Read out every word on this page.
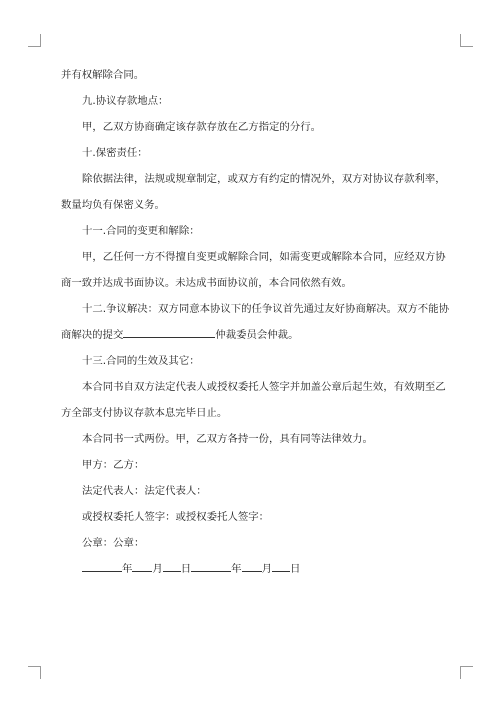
并有权解除合同。

九.协议存款地点：

甲，乙双方协商确定该存款存放在乙方指定的分行。

十.保密责任：

除依据法律，法规或规章制定，或双方有约定的情况外，双方对协议存款利率，

数量均负有保密义务。

十一.合同的变更和解除：

甲，乙任何一方不得擅自变更或解除合同，如需变更或解除本合同，应经双方协

商一致并达成书面协议。未达成书面协议前，本合同依然有效。

十二.争议解决：双方同意本协议下的任争议首先通过友好协商解决。双方不能协

商解决的提交	仲裁委员会仲裁。

十三.合同的生效及其它：

本合同书自双方法定代表人或授权委托人签字并加盖公章后起生效，有效期至乙

方全部支付协议存款本息完毕日止。

本合同书一式两份。甲，乙双方各持一份，具有同等法律效力。

甲方：乙方：

法定代表人：法定代表人：

或授权委托人签字：或授权委托人签字：

公章：公章：

年 月 日	年 月 日
